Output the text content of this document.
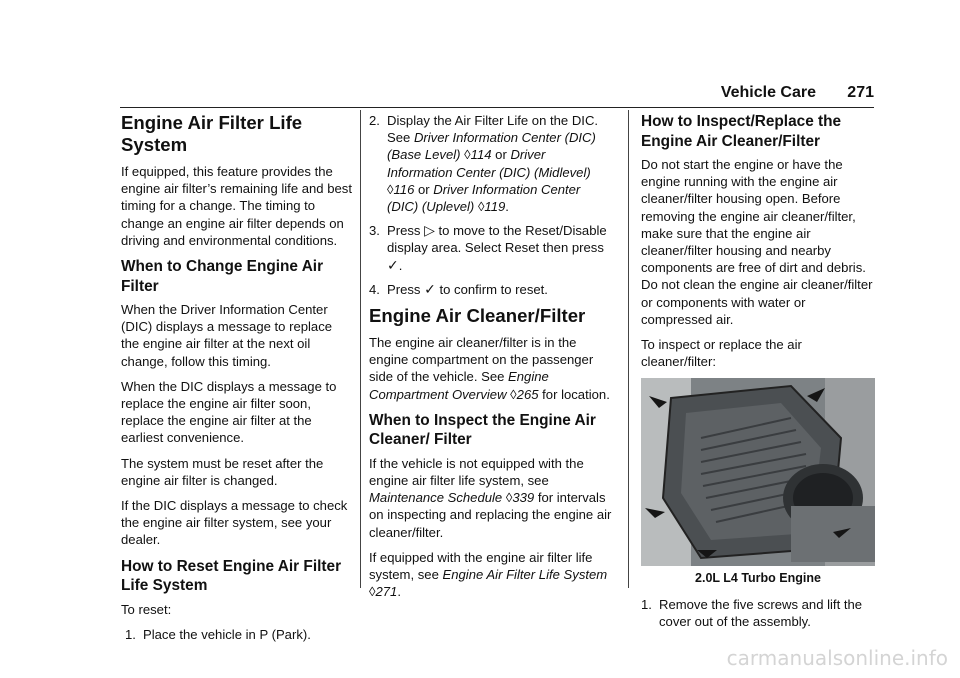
Vehicle Care 271
Engine Air Filter Life System

If equipped, this feature provides the engine air filter’s remaining life and best timing for a change. The timing to change an engine air filter depends on driving and environmental conditions.

When to Change Engine Air Filter

When the Driver Information Center (DIC) displays a message to replace the engine air filter at the next oil change, follow this timing.

When the DIC displays a message to replace the engine air filter soon, replace the engine air filter at the earliest convenience.

The system must be reset after the engine air filter is changed.

If the DIC displays a message to check the engine air filter system, see your dealer.

How to Reset Engine Air Filter Life System

To reset:

1. Place the vehicle in P (Park).
2. Display the Air Filter Life on the DIC. See Driver Information Center (DIC) (Base Level) ◊114 or Driver Information Center (DIC) (Midlevel) ◊116 or Driver Information Center (DIC) (Uplevel) ◊119.
3. Press ▷ to move to the Reset/Disable display area. Select Reset then press ✓.
4. Press ✓ to confirm to reset.
Engine Air Cleaner/Filter

The engine air cleaner/filter is in the engine compartment on the passenger side of the vehicle. See Engine Compartment Overview ◊265 for location.

When to Inspect the Engine Air Cleaner/ Filter

If the vehicle is not equipped with the engine air filter life system, see Maintenance Schedule ◊339 for intervals on inspecting and replacing the engine air cleaner/filter.

If equipped with the engine air filter life system, see Engine Air Filter Life System ◊271.

How to Inspect/Replace the Engine Air Cleaner/Filter

Do not start the engine or have the engine running with the engine air cleaner/filter housing open. Before removing the engine air cleaner/filter, make sure that the engine air cleaner/filter housing and nearby components are free of dirt and debris. Do not clean the engine air cleaner/filter or components with water or compressed air.

To inspect or replace the air cleaner/filter:

2.0L L4 Turbo Engine
1. Remove the five screws and lift the cover out of the assembly.
carmanualsonline.info
